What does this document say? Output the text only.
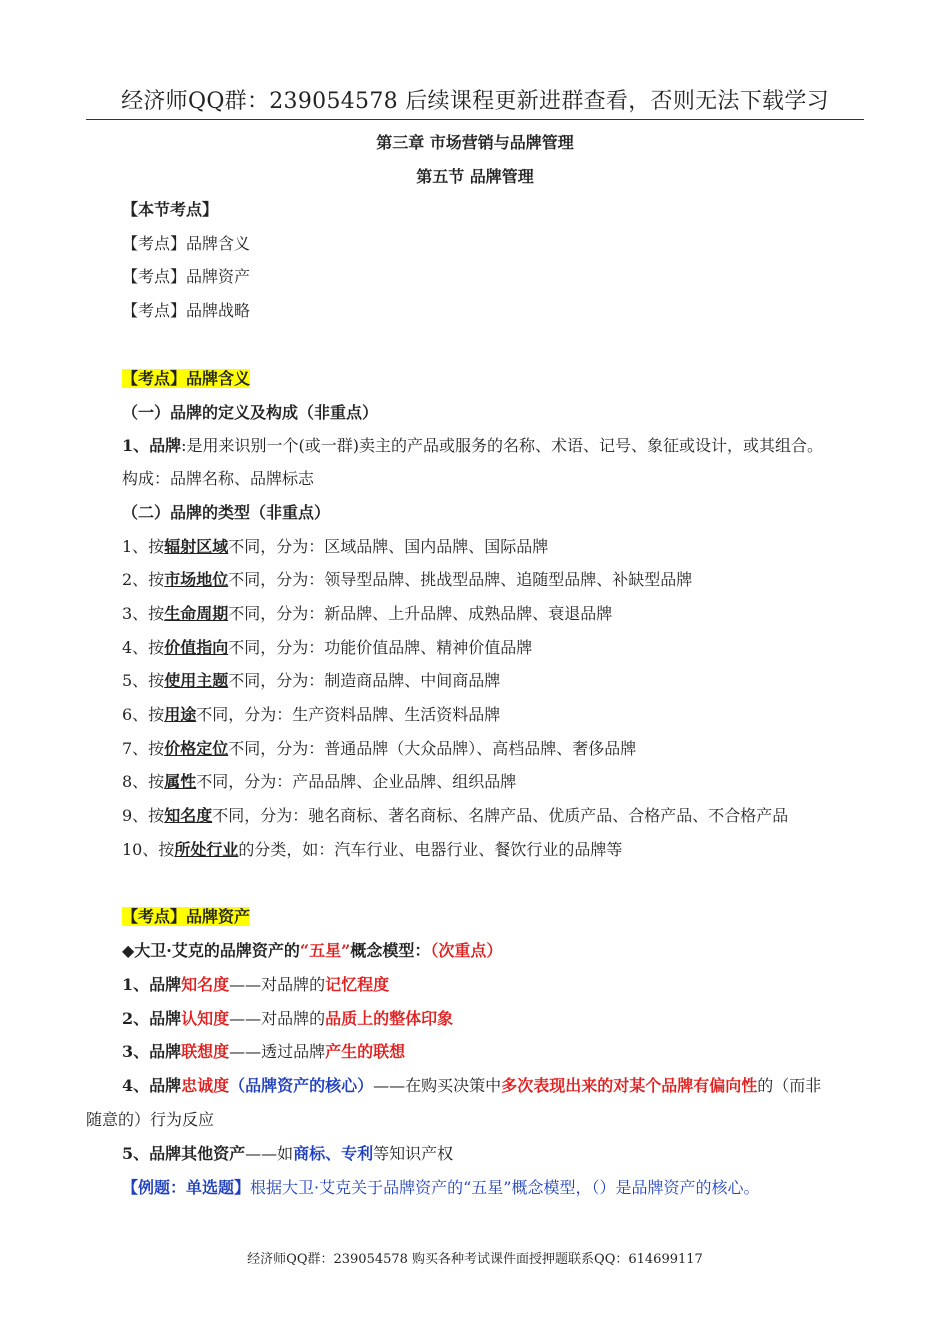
经济师QQ群：239054578 后续课程更新进群查看，否则无法下载学习
第三章 市场营销与品牌管理
第五节 品牌管理
【本节考点】
【考点】品牌含义
【考点】品牌资产
【考点】品牌战略
【考点】品牌含义
（一）品牌的定义及构成（非重点）
1、品牌:是用来识别一个(或一群)卖主的产品或服务的名称、术语、记号、象征或设计，或其组合。
构成：品牌名称、品牌标志
（二）品牌的类型（非重点）
1、按辐射区域不同，分为：区域品牌、国内品牌、国际品牌
2、按市场地位不同，分为：领导型品牌、挑战型品牌、追随型品牌、补缺型品牌
3、按生命周期不同，分为：新品牌、上升品牌、成熟品牌、衰退品牌
4、按价值指向不同，分为：功能价值品牌、精神价值品牌
5、按使用主题不同，分为：制造商品牌、中间商品牌
6、按用途不同，分为：生产资料品牌、生活资料品牌
7、按价格定位不同，分为：普通品牌（大众品牌）、高档品牌、奢侈品牌
8、按属性不同，分为：产品品牌、企业品牌、组织品牌
9、按知名度不同，分为：驰名商标、著名商标、名牌产品、优质产品、合格产品、不合格产品
10、按所处行业的分类，如：汽车行业、电器行业、餐饮行业的品牌等
【考点】品牌资产
◆大卫·艾克的品牌资产的“五星”概念模型：（次重点）
1、品牌知名度——对品牌的记忆程度
2、品牌认知度——对品牌的品质上的整体印象
3、品牌联想度——透过品牌产生的联想
4、品牌忠诚度（品牌资产的核心）——在购买决策中多次表现出来的对某个品牌有偏向性的（而非
随意的）行为反应
5、品牌其他资产——如商标、专利等知识产权
【例题：单选题】根据大卫·艾克关于品牌资产的“五星”概念模型，（）是品牌资产的核心。
经济师QQ群：239054578 购买各种考试课件面授押题联系QQ：614699117
